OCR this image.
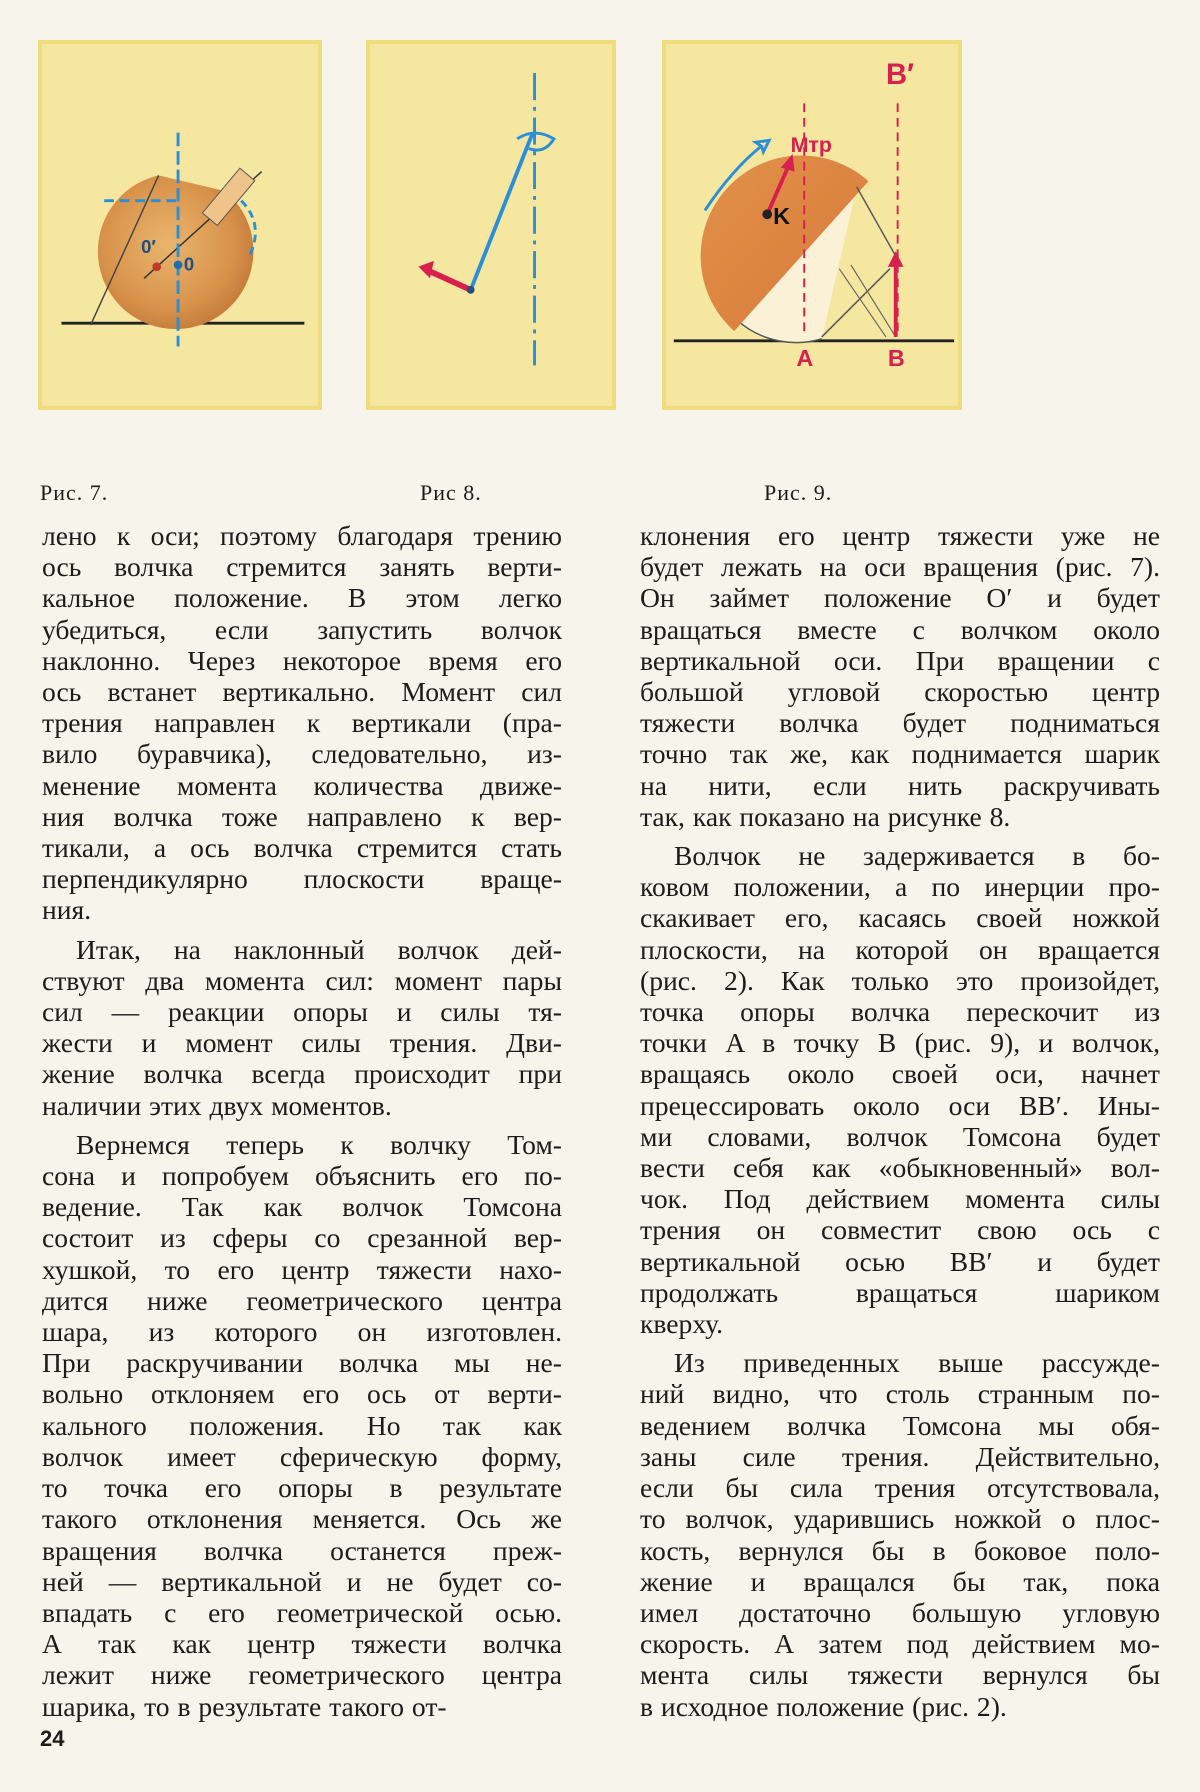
0′
0
B′
Mтр
K
A	B
Рис. 7.	Рис 8.	Рис. 9.

лено к оси; поэтому благодаря трению

ось волчка стремится занять верти-

кальное положение. В этом легко

убедиться, если запустить волчок

наклонно. Через некоторое время его

ось встанет вертикально. Момент сил

трения направлен к вертикали (пра-

вило буравчика), следовательно, из-

менение момента количества движе-

ния волчка тоже направлено к вер-

тикали, а ось волчка стремится стать

перпендикулярно плоскости враще-

ния.

Итак, на наклонный волчок дей-

ствуют два момента сил: момент пары

сил — реакции опоры и силы тя-

жести и момент силы трения. Дви-

жение волчка всегда происходит при

наличии этих двух моментов.

Вернемся теперь к волчку Том-

сона и попробуем объяснить его по-

ведение. Так как волчок Томсона

состоит из сферы со срезанной вер-

хушкой, то его центр тяжести нахо-

дится ниже геометрического центра

шара, из которого он изготовлен.

При раскручивании волчка мы не-

вольно отклоняем его ось от верти-

кального положения. Но так как

волчок имеет сферическую форму,

то точка его опоры в результате

такого отклонения меняется. Ось же

вращения волчка останется преж-

ней — вертикальной и не будет со-

впадать с его геометрической осью.

А так как центр тяжести волчка

лежит ниже геометрического центра

шарика, то в результате такого от-

клонения его центр тяжести уже не

будет лежать на оси вращения (рис. 7).

Он займет положение O′ и будет

вращаться вместе с волчком около

вертикальной оси. При вращении с

большой угловой скоростью центр

тяжести волчка будет подниматься

точно так же, как поднимается шарик

на нити, если нить раскручивать

так, как показано на рисунке 8.

Волчок не задерживается в бо-

ковом положении, а по инерции про-

скакивает его, касаясь своей ножкой

плоскости, на которой он вращается

(рис. 2). Как только это произойдет,

точка опоры волчка перескочит из

точки A в точку B (рис. 9), и волчок,

вращаясь около своей оси, начнет

прецессировать около оси BB′. Ины-

ми словами, волчок Томсона будет

вести себя как «обыкновенный» вол-

чок. Под действием момента силы

трения он совместит свою ось с

вертикальной осью BB′ и будет

продолжать вращаться шариком

кверху.

Из приведенных выше рассужде-

ний видно, что столь странным по-

ведением волчка Томсона мы обя-

заны силе трения. Действительно,

если бы сила трения отсутствовала,

то волчок, ударившись ножкой о плос-

кость, вернулся бы в боковое поло-

жение и вращался бы так, пока

имел достаточно большую угловую

скорость. А затем под действием мо-

мента силы тяжести вернулся бы

в исходное положение (рис. 2).

24
